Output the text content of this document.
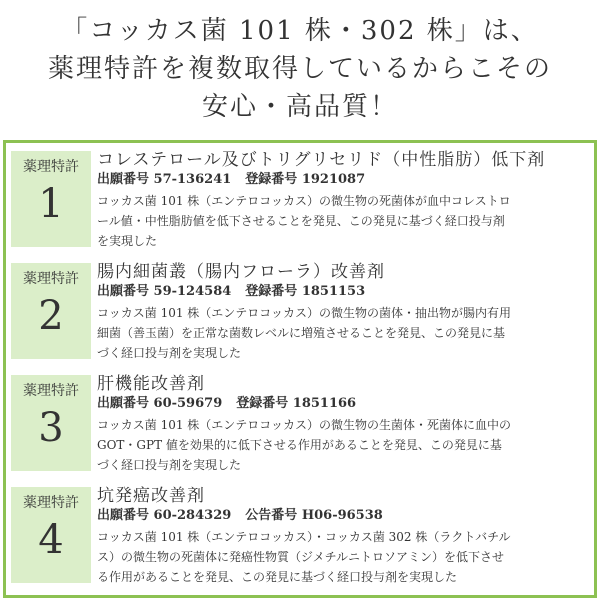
「コッカス菌 101 株・302 株」は、
薬理特許を複数取得しているからこその
安心・高品質！
薬理特許
1
コレステロール及びトリグリセリド（中性脂肪）低下剤
出願番号 57-136241 登録番号 1921087
コッカス菌 101 株（エンテロコッカス）の微生物の死菌体が血中コレストロ
ール値・中性脂肪値を低下させることを発見、この発見に基づく経口投与剤
を実現した
薬理特許
2
腸内細菌叢（腸内フローラ）改善剤
出願番号 59-124584 登録番号 1851153
コッカス菌 101 株（エンテロコッカス）の微生物の菌体・抽出物が腸内有用
細菌（善玉菌）を正常な菌数レベルに増殖させることを発見、この発見に基
づく経口投与剤を実現した
薬理特許
3
肝機能改善剤
出願番号 60-59679 登録番号 1851166
コッカス菌 101 株（エンテロコッカス）の微生物の生菌体・死菌体に血中の
GOT・GPT 値を効果的に低下させる作用があることを発見、この発見に基
づく経口投与剤を実現した
薬理特許
4
坑発癌改善剤
出願番号 60-284329 公告番号 H06-96538
コッカス菌 101 株（エンテロコッカス）・コッカス菌 302 株（ラクトバチル
ス）の微生物の死菌体に発癌性物質（ジメチルニトロソアミン）を低下させ
る作用があることを発見、この発見に基づく経口投与剤を実現した
